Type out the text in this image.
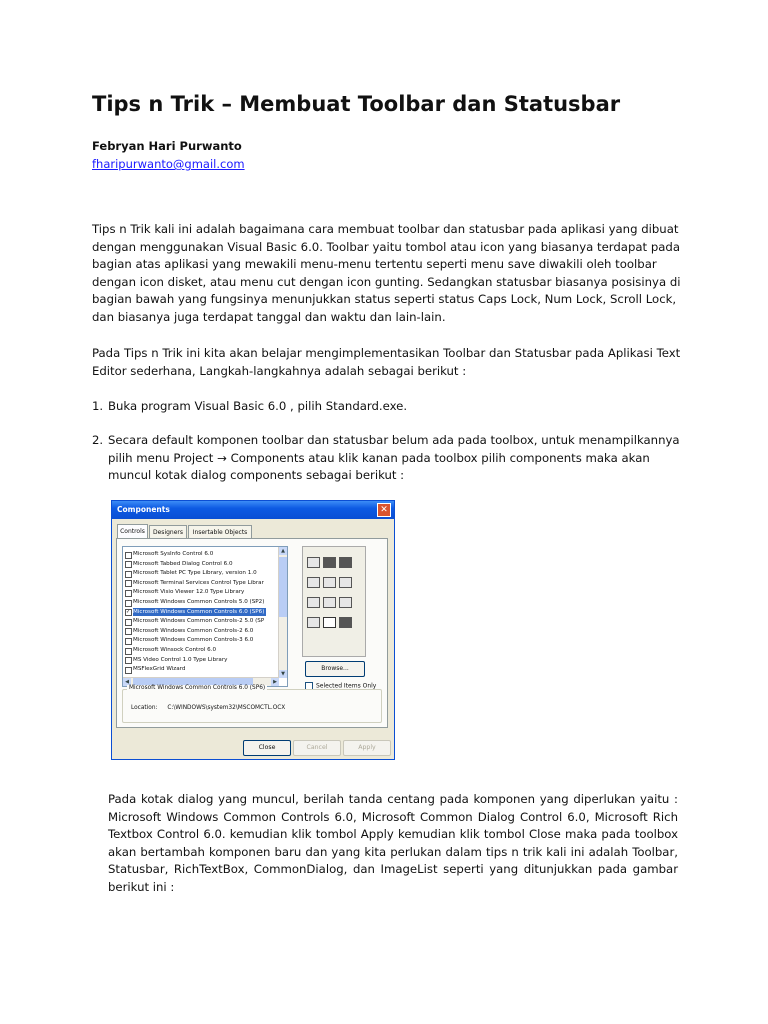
Tips n Trik – Membuat Toolbar dan Statusbar
Febryan Hari Purwanto
fharipurwanto@gmail.com

Tips n Trik kali ini adalah bagaimana cara membuat toolbar dan statusbar pada aplikasi yang dibuat dengan menggunakan Visual Basic 6.0. Toolbar yaitu tombol atau icon yang biasanya terdapat pada bagian atas aplikasi yang mewakili menu-menu tertentu seperti menu save diwakili oleh toolbar dengan icon disket, atau menu cut dengan icon gunting. Sedangkan statusbar biasanya posisinya di bagian bawah yang fungsinya menunjukkan status seperti status Caps Lock, Num Lock, Scroll Lock, dan biasanya juga terdapat tanggal dan waktu dan lain-lain.

Pada Tips n Trik ini kita akan belajar mengimplementasikan Toolbar dan Statusbar pada Aplikasi Text Editor sederhana, Langkah-langkahnya adalah sebagai berikut :

1. Buka program Visual Basic 6.0 , pilih Standard.exe.
2. Secara default komponen toolbar dan statusbar belum ada pada toolbox, untuk menampilkannya pilih menu Project → Components atau klik kanan pada toolbox pilih components maka akan muncul kotak dialog components sebagai berikut :
Components	✕
Controls	Designers	Insertable Objects
Microsoft SysInfo Control 6.0
Microsoft Tabbed Dialog Control 6.0
Microsoft Tablet PC Type Library, version 1.0
Microsoft Terminal Services Control Type Librar
Microsoft Visio Viewer 12.0 Type Library
Microsoft Windows Common Controls 5.0 (SP2)
✓ Microsoft Windows Common Controls 6.0 (SP6)
Microsoft Windows Common Controls-2 5.0 (SP
Microsoft Windows Common Controls-2 6.0
Microsoft Windows Common Controls-3 6.0
Microsoft Winsock Control 6.0
MS Video Control 1.0 Type Library
MSFlexGrid Wizard
▲
▼
◀	▶
Browse...
Selected Items Only
Microsoft Windows Common Controls 6.0 (SP6)
Location: C:\WINDOWS\system32\MSCOMCTL.OCX
Close	Cancel	Apply

Pada kotak dialog yang muncul, berilah tanda centang pada komponen yang diperlukan yaitu : Microsoft Windows Common Controls 6.0, Microsoft Common Dialog Control 6.0, Microsoft Rich Textbox Control 6.0. kemudian klik tombol Apply kemudian klik tombol Close maka pada toolbox akan bertambah komponen baru dan yang kita perlukan dalam tips n trik kali ini adalah Toolbar, Statusbar, RichTextBox, CommonDialog, dan ImageList seperti yang ditunjukkan pada gambar berikut ini :
